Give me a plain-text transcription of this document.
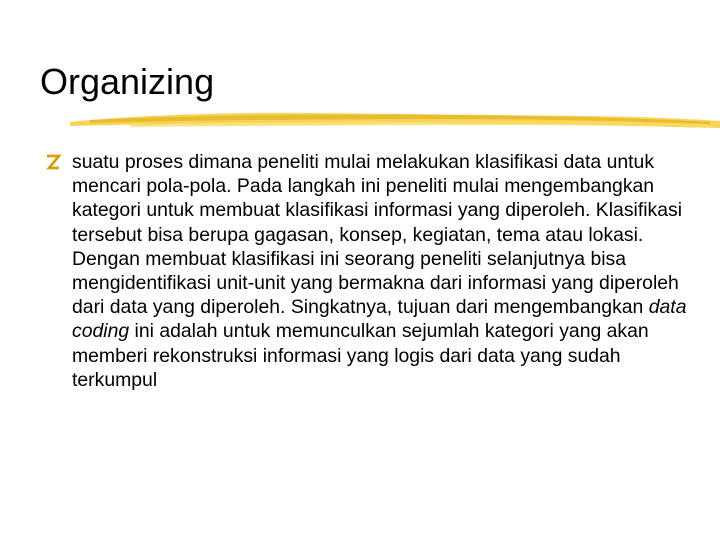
Organizing
suatu proses dimana peneliti mulai melakukan klasifikasi data untuk mencari pola-pola. Pada langkah ini peneliti mulai mengembangkan kategori untuk membuat klasifikasi informasi yang diperoleh. Klasifikasi tersebut bisa berupa gagasan, konsep, kegiatan, tema atau lokasi. Dengan membuat klasifikasi ini seorang peneliti selanjutnya bisa mengidentifikasi unit-unit yang bermakna dari informasi yang diperoleh dari data yang diperoleh. Singkatnya, tujuan dari mengembangkan data coding ini adalah untuk memunculkan sejumlah kategori yang akan memberi rekonstruksi informasi yang logis dari data yang sudah terkumpul
